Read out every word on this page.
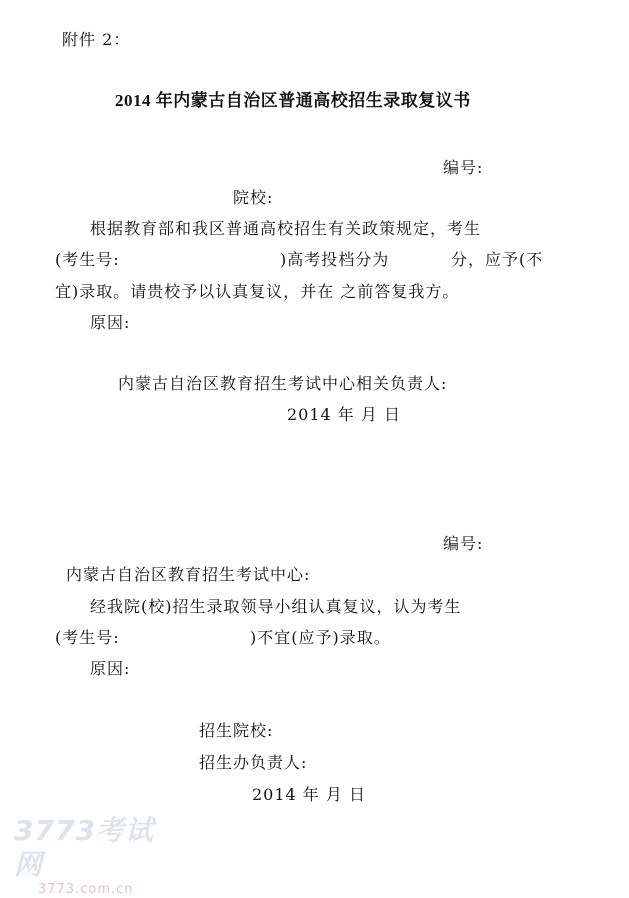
附件 2：
2014 年内蒙古自治区普通高校招生录取复议书
编号:
院校:
根据教育部和我区普通高校招生有关政策规定，考生
(考生号:	)高考投档分为	分，应予(不
宜)录取。请贵校予以认真复议，并在 之前答复我方。
原因:
内蒙古自治区教育招生考试中心相关负责人:
2014 年 月 日
编号:
内蒙古自治区教育招生考试中心:
经我院(校)招生录取领导小组认真复议，认为考生
(考生号:	)不宜(应予)录取。
原因:
招生院校:
招生办负责人:
2014 年 月 日
3773考试网
3773.com.cn
